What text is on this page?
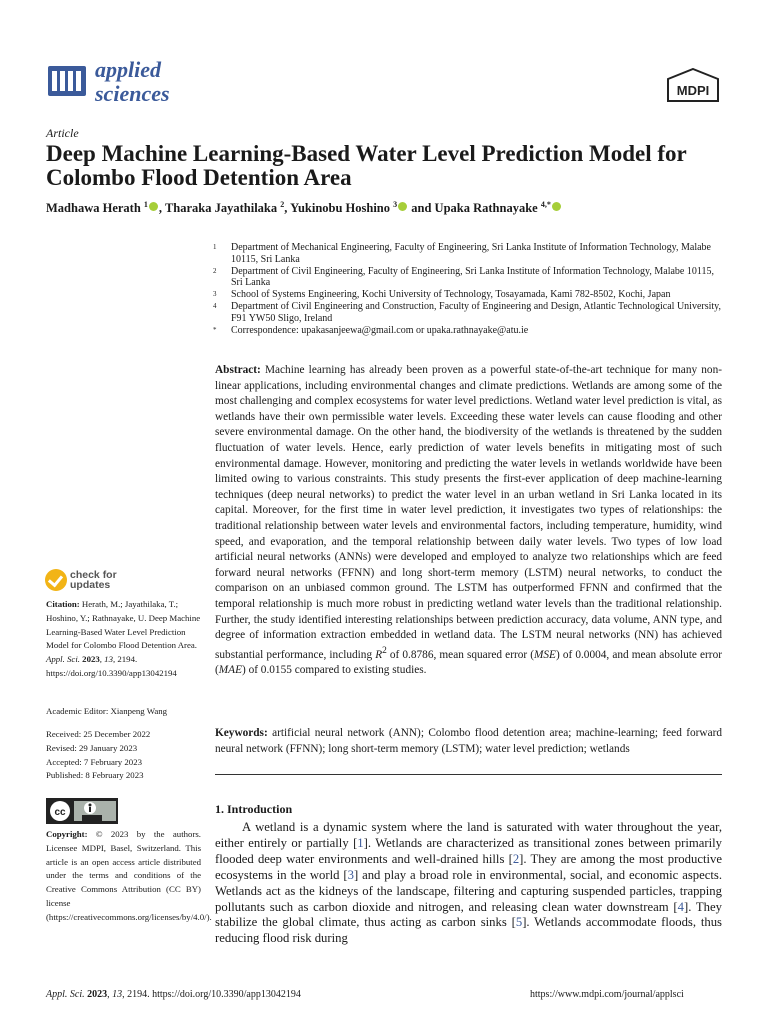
applied
sciences	MDPI
Article
Deep Machine Learning-Based Water Level Prediction Model for Colombo Flood Detention Area
Madhawa Herath $^1$ , Tharaka Jayathilaka $^2$, Yukinobu Hoshino $^3$ and Upaka Rathnayake $^{4,*}$
1	Department of Mechanical Engineering, Faculty of Engineering, Sri Lanka Institute of Information Technology, Malabe 10115, Sri Lanka
2	Department of Civil Engineering, Faculty of Engineering, Sri Lanka Institute of Information Technology, Malabe 10115, Sri Lanka
3	School of Systems Engineering, Kochi University of Technology, Tosayamada, Kami 782-8502, Kochi, Japan
4	Department of Civil Engineering and Construction, Faculty of Engineering and Design, Atlantic Technological University, F91 YW50 Sligo, Ireland
*	Correspondence: upakasanjeewa@gmail.com or upaka.rathnayake@atu.ie
Abstract: Machine learning has already been proven as a powerful state-of-the-art technique for many non-linear applications, including environmental changes and climate predictions. Wetlands are among some of the most challenging and complex ecosystems for water level predictions. Wetland water level prediction is vital, as wetlands have their own permissible water levels. Exceeding these water levels can cause flooding and other severe environmental damage. On the other hand, the biodiversity of the wetlands is threatened by the sudden fluctuation of water levels. Hence, early prediction of water levels benefits in mitigating most of such environmental damage. However, monitoring and predicting the water levels in wetlands worldwide have been limited owing to various constraints. This study presents the first-ever application of deep machine-learning techniques (deep neural networks) to predict the water level in an urban wetland in Sri Lanka located in its capital. Moreover, for the first time in water level prediction, it investigates two types of relationships: the traditional relationship between water levels and environmental factors, including temperature, humidity, wind speed, and evaporation, and the temporal relationship between daily water levels. Two types of low load artificial neural networks (ANNs) were developed and employed to analyze two relationships which are feed forward neural networks (FFNN) and long short-term memory (LSTM) neural networks, to conduct the comparison on an unbiased common ground. The LSTM has outperformed FFNN and confirmed that the temporal relationship is much more robust in predicting wetland water levels than the traditional relationship. Further, the study identified interesting relationships between prediction accuracy, data volume, ANN type, and degree of information extraction embedded in wetland data. The LSTM neural networks (NN) has achieved substantial performance, including $R^2$ of 0.8786, mean squared error (MSE) of 0.0004, and mean absolute error (MAE) of 0.0155 compared to existing studies.
Keywords: artificial neural network (ANN); Colombo flood detention area; machine-learning; feed forward neural network (FFNN); long short-term memory (LSTM); water level prediction; wetlands
1. Introduction
A wetland is a dynamic system where the land is saturated with water throughout the year, either entirely or partially [1]. Wetlands are characterized as transitional zones between primarily flooded deep water environments and well-drained hills [2]. They are among the most productive ecosystems in the world [3] and play a broad role in environmental, social, and economic aspects. Wetlands act as the kidneys of the landscape, filtering and capturing suspended particles, trapping pollutants such as carbon dioxide and nitrogen, and releasing clean water downstream [4]. They stabilize the global climate, thus acting as carbon sinks [5]. Wetlands accommodate floods, thus reducing flood risk during
check for
updates
Citation: Herath, M.; Jayathilaka, T.; Hoshino, Y.; Rathnayake, U. Deep Machine Learning-Based Water Level Prediction Model for Colombo Flood Detention Area. Appl. Sci. 2023, 13, 2194. https://doi.org/10.3390/app13042194
Academic Editor: Xianpeng Wang
Received: 25 December 2022
Revised: 29 January 2023
Accepted: 7 February 2023
Published: 8 February 2023
cc
Copyright: © 2023 by the authors. Licensee MDPI, Basel, Switzerland. This article is an open access article distributed under the terms and conditions of the Creative Commons Attribution (CC BY) license (https://creativecommons.org/licenses/by/4.0/).
Appl. Sci. 2023, 13, 2194. https://doi.org/10.3390/app13042194	https://www.mdpi.com/journal/applsci
